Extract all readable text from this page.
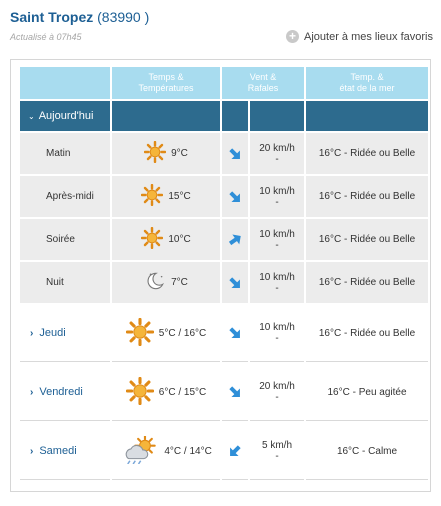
Saint Tropez (83990 )
Actualisé à 07h45	+ Ajouter à mes lieux favoris
	Temps &
Températures	Vent &
Rafales		Temp. &
état de la mer
⌄ Aujourd'hui				
Matin	9°C		20 km/h
-	16°C - Ridée ou Belle
Après-midi	15°C		10 km/h
-	16°C - Ridée ou Belle
Soirée	10°C		10 km/h
-	16°C - Ridée ou Belle
Nuit	7°C		10 km/h
-	16°C - Ridée ou Belle
› Jeudi	5°C / 16°C		10 km/h
-	16°C - Ridée ou Belle
› Vendredi	6°C / 15°C		20 km/h
-	16°C - Peu agitée
› Samedi	4°C / 14°C		5 km/h
-	16°C - Calme
